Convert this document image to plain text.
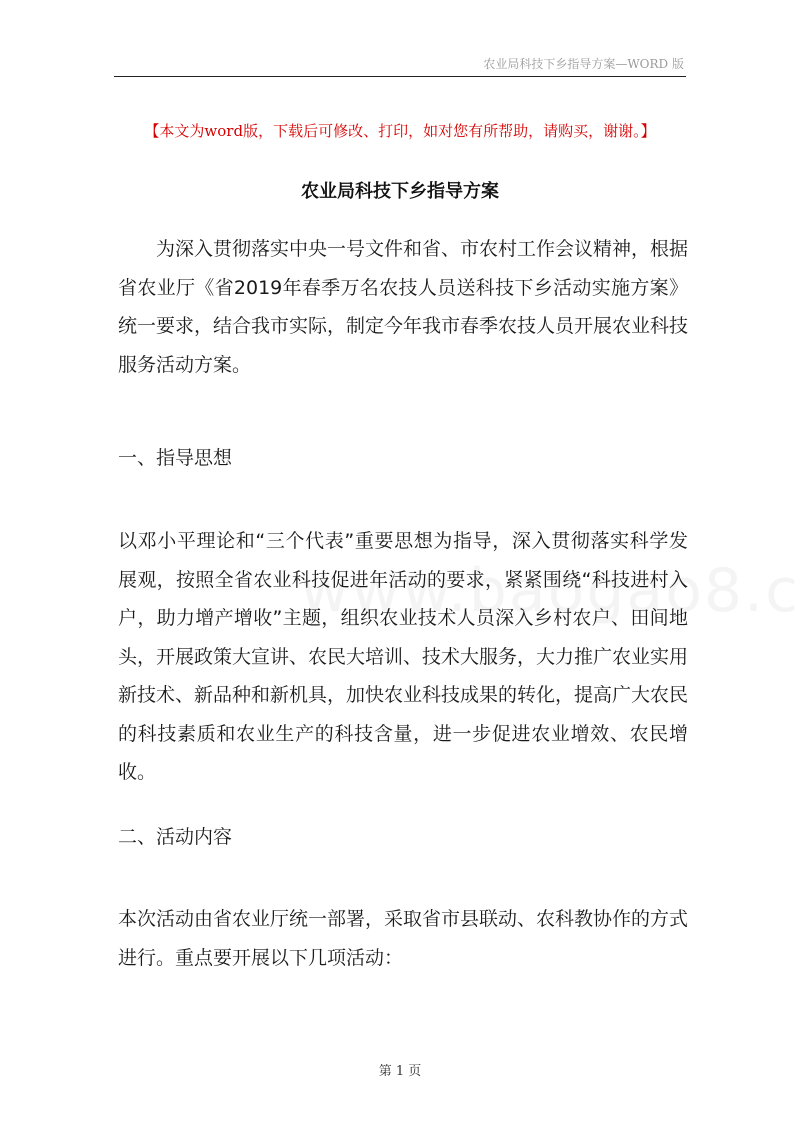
农业局科技下乡指导方案—WORD 版
【本文为word版，下载后可修改、打印，如对您有所帮助，请购买，谢谢。】
农业局科技下乡指导方案

为深入贯彻落实中央一号文件和省、市农村工作会议精神，根据省农业厅《省2019年春季万名农技人员送科技下乡活动实施方案》统一要求，结合我市实际，制定今年我市春季农技人员开展农业科技服务活动方案。

一、指导思想

以邓小平理论和“三个代表”重要思想为指导，深入贯彻落实科学发展观，按照全省农业科技促进年活动的要求，紧紧围绕“科技进村入户，助力增产增收”主题，组织农业技术人员深入乡村农户、田间地头，开展政策大宣讲、农民大培训、技术大服务，大力推广农业实用新技术、新品种和新机具，加快农业科技成果的转化，提高广大农民的科技素质和农业生产的科技含量，进一步促进农业增效、农民增收。

二、活动内容

本次活动由省农业厅统一部署，采取省市县联动、农科教协作的方式进行。重点要开展以下几项活动：

第 1 页
